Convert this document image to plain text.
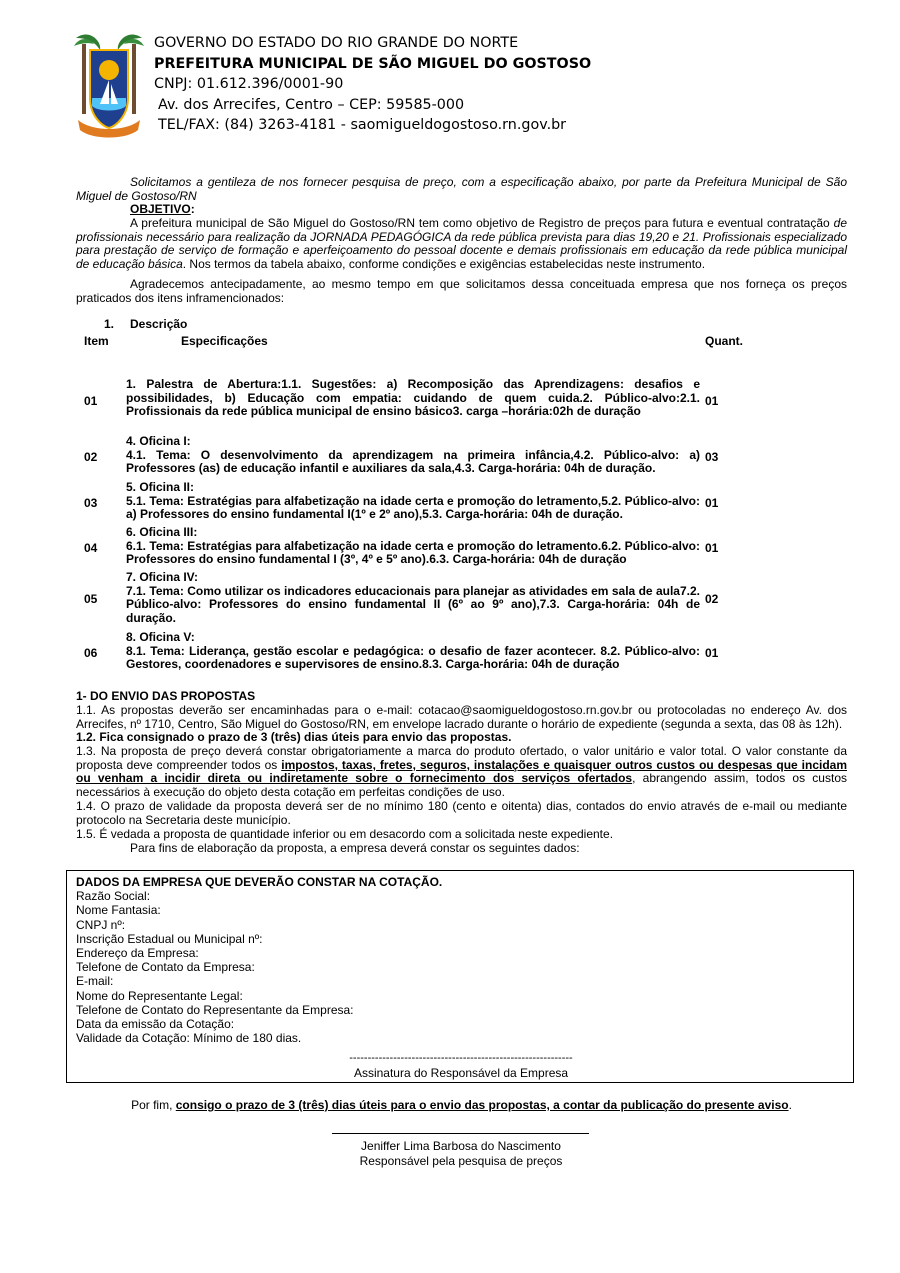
GOVERNO DO ESTADO DO RIO GRANDE DO NORTE
PREFEITURA MUNICIPAL DE SÃO MIGUEL DO GOSTOSO
CNPJ: 01.612.396/0001-90
Av. dos Arrecifes, Centro – CEP: 59585-000
TEL/FAX: (84) 3263-4181 - saomigueldogostoso.rn.gov.br
Solicitamos a gentileza de nos fornecer pesquisa de preço, com a especificação abaixo, por parte da Prefeitura Municipal de São Miguel de Gostoso/RN
OBJETIVO:
A prefeitura municipal de São Miguel do Gostoso/RN tem como objetivo de Registro de preços para futura e eventual contratação de profissionais necessário para realização da JORNADA PEDAGÓGICA da rede pública prevista para dias 19,20 e 21. Profissionais especializado para prestação de serviço de formação e aperfeiçoamento do pessoal docente e demais profissionais em educação da rede pública municipal de educação básica. Nos termos da tabela abaixo, conforme condições e exigências estabelecidas neste instrumento.
Agradecemos antecipadamente, ao mesmo tempo em que solicitamos dessa conceituada empresa que nos forneça os preços praticados dos itens inframencionados:
1. Descrição
Item	Especificações	Quant.
01
1. Palestra de Abertura:1.1. Sugestões: a) Recomposição das Aprendizagens: desafios e possibilidades, b) Educação com empatia: cuidando de quem cuida.2. Público-alvo:2.1. Profissionais da rede pública municipal de ensino básico3. carga –horária:02h de duração
01
02
4. Oficina I:
4.1. Tema: O desenvolvimento da aprendizagem na primeira infância,4.2. Público-alvo: a) Professores (as) de educação infantil e auxiliares da sala,4.3. Carga-horária: 04h de duração.
03
03
5. Oficina II:
5.1. Tema: Estratégias para alfabetização na idade certa e promoção do letramento,5.2. Público-alvo: a) Professores do ensino fundamental I(1º e 2º ano),5.3. Carga-horária: 04h de duração.
01
04
6. Oficina III:
6.1. Tema: Estratégias para alfabetização na idade certa e promoção do letramento.6.2. Público-alvo: Professores do ensino fundamental I (3º, 4º e 5º ano).6.3. Carga-horária: 04h de duração
01
05
7. Oficina IV:
7.1. Tema: Como utilizar os indicadores educacionais para planejar as atividades em sala de aula7.2. Público-alvo: Professores do ensino fundamental II (6º ao 9º ano),7.3. Carga-horária: 04h de duração.
02
06
8. Oficina V:
8.1. Tema: Liderança, gestão escolar e pedagógica: o desafio de fazer acontecer. 8.2. Público-alvo: Gestores, coordenadores e supervisores de ensino.8.3. Carga-horária: 04h de duração
01
1- DO ENVIO DAS PROPOSTAS
1.1. As propostas deverão ser encaminhadas para o e-mail: cotacao@saomigueldogostoso.rn.gov.br ou protocoladas no endereço Av. dos Arrecifes, nº 1710, Centro, São Miguel do Gostoso/RN, em envelope lacrado durante o horário de expediente (segunda a sexta, das 08 às 12h).
1.2. Fica consignado o prazo de 3 (três) dias úteis para envio das propostas.
1.3. Na proposta de preço deverá constar obrigatoriamente a marca do produto ofertado, o valor unitário e valor total. O valor constante da proposta deve compreender todos os impostos, taxas, fretes, seguros, instalações e quaisquer outros custos ou despesas que incidam ou venham a incidir direta ou indiretamente sobre o fornecimento dos serviços ofertados, abrangendo assim, todos os custos necessários à execução do objeto desta cotação em perfeitas condições de uso.
1.4. O prazo de validade da proposta deverá ser de no mínimo 180 (cento e oitenta) dias, contados do envio através de e-mail ou mediante protocolo na Secretaria deste município.
1.5. É vedada a proposta de quantidade inferior ou em desacordo com a solicitada neste expediente.
Para fins de elaboração da proposta, a empresa deverá constar os seguintes dados:
DADOS DA EMPRESA QUE DEVERÃO CONSTAR NA COTAÇÃO.
Razão Social:
Nome Fantasia:
CNPJ nº:
Inscrição Estadual ou Municipal nº:
Endereço da Empresa:
Telefone de Contato da Empresa:
E-mail:
Nome do Representante Legal:
Telefone de Contato do Representante da Empresa:
Data da emissão da Cotação:
Validade da Cotação: Mínimo de 180 dias.
-------------------------------------------------------------
Assinatura do Responsável da Empresa
Por fim, consigo o prazo de 3 (três) dias úteis para o envio das propostas, a contar da publicação do presente aviso.
Jeniffer Lima Barbosa do Nascimento
Responsável pela pesquisa de preços
